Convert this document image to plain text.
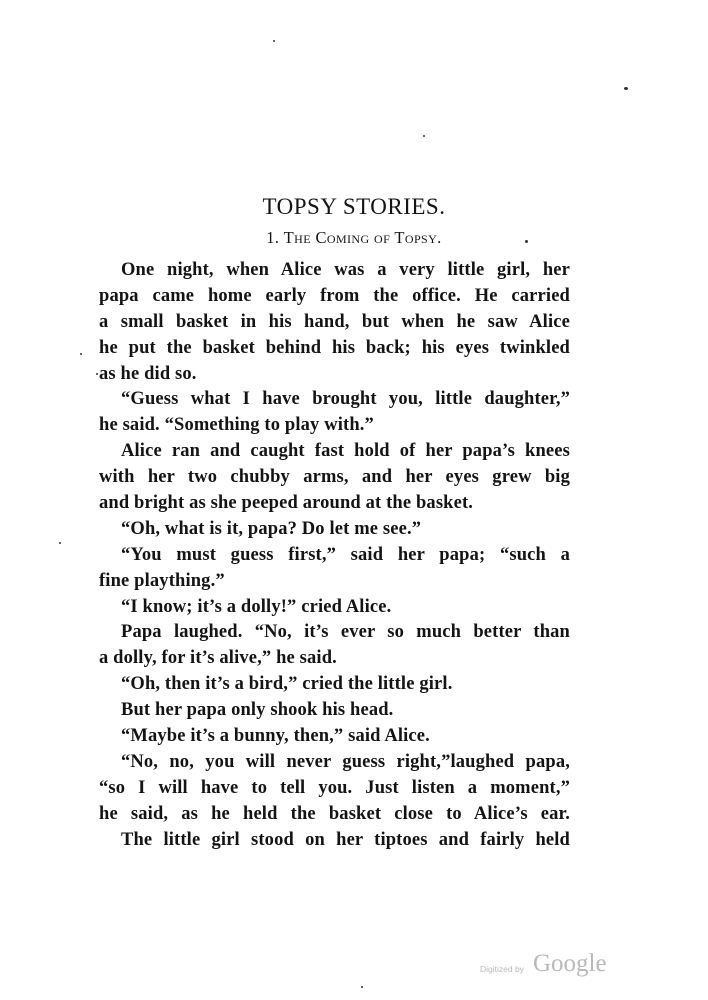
TOPSY STORIES.
1. The Coming of Topsy.
One night, when Alice was a very little girl, her
papa came home early from the office. He carried
a small basket in his hand, but when he saw Alice
he put the basket behind his back; his eyes twinkled
as he did so.
“Guess what I have brought you, little daughter,”
he said. “Something to play with.”
Alice ran and caught fast hold of her papa’s knees
with her two chubby arms, and her eyes grew big
and bright as she peeped around at the basket.
“Oh, what is it, papa? Do let me see.”
“You must guess first,” said her papa; “such a
fine plaything.”
“I know; it’s a dolly!” cried Alice.
Papa laughed. “No, it’s ever so much better than
a dolly, for it’s alive,” he said.
“Oh, then it’s a bird,” cried the little girl.
But her papa only shook his head.
“Maybe it’s a bunny, then,” said Alice.
“No, no, you will never guess right,”laughed papa,
“so I will have to tell you. Just listen a moment,”
he said, as he held the basket close to Alice’s ear.
The little girl stood on her tiptoes and fairly held
Digitized by Google
